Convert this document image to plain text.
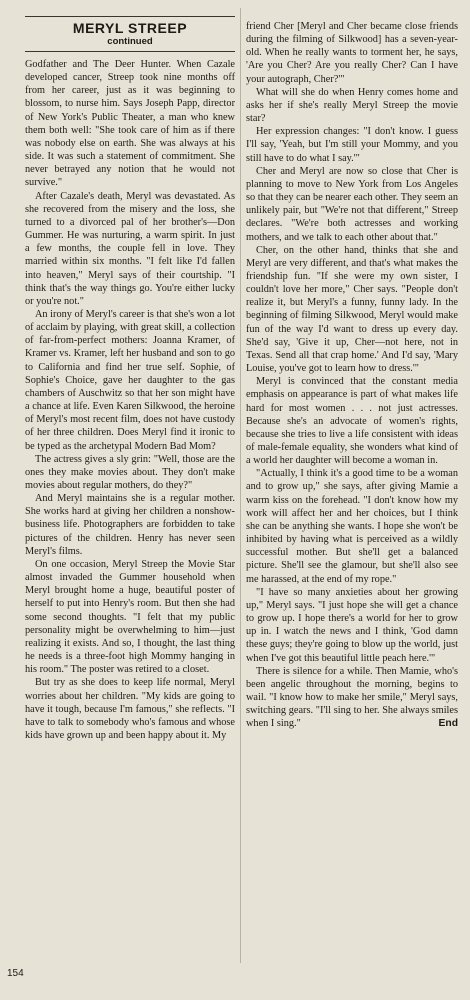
MERYL STREEP
continued

Godfather and The Deer Hunter. When Cazale developed cancer, Streep took nine months off from her career, just as it was beginning to blossom, to nurse him. Says Joseph Papp, director of New York's Public Theater, a man who knew them both well: "She took care of him as if there was nobody else on earth. She was always at his side. It was such a statement of commitment. She never betrayed any notion that he would not survive."

After Cazale's death, Meryl was devastated. As she recovered from the misery and the loss, she turned to a divorced pal of her brother's—Don Gummer. He was nurturing, a warm spirit. In just a few months, the couple fell in love. They married within six months. "I felt like I'd fallen into heaven," Meryl says of their courtship. "I think that's the way things go. You're either lucky or you're not."

An irony of Meryl's career is that she's won a lot of acclaim by playing, with great skill, a collection of far-from-perfect mothers: Joanna Kramer, of Kramer vs. Kramer, left her husband and son to go to California and find her true self. Sophie, of Sophie's Choice, gave her daughter to the gas chambers of Auschwitz so that her son might have a chance at life. Even Karen Silkwood, the heroine of Meryl's most recent film, does not have custody of her three children. Does Meryl find it ironic to be typed as the archetypal Modern Bad Mom?

The actress gives a sly grin: "Well, those are the ones they make movies about. They don't make movies about regular mothers, do they?"

And Meryl maintains she is a regular mother. She works hard at giving her children a nonshow-business life. Photographers are forbidden to take pictures of the children. Henry has never seen Meryl's films.

On one occasion, Meryl Streep the Movie Star almost invaded the Gummer household when Meryl brought home a huge, beautiful poster of herself to put into Henry's room. But then she had some second thoughts. "I felt that my public personality might be overwhelming to him—just realizing it exists. And so, I thought, the last thing he needs is a three-foot high Mommy hanging in his room." The poster was retired to a closet.

But try as she does to keep life normal, Meryl worries about her children. "My kids are going to have it tough, because I'm famous," she reflects. "I have to talk to somebody who's famous and whose kids have grown up and been happy about it. My

friend Cher [Meryl and Cher became close friends during the filming of Silkwood] has a seven-year-old. When he really wants to torment her, he says, 'Are you Cher? Are you really Cher? Can I have your autograph, Cher?'"

What will she do when Henry comes home and asks her if she's really Meryl Streep the movie star?

Her expression changes: "I don't know. I guess I'll say, 'Yeah, but I'm still your Mommy, and you still have to do what I say.'"

Cher and Meryl are now so close that Cher is planning to move to New York from Los Angeles so that they can be nearer each other. They seem an unlikely pair, but "We're not that different," Streep declares. "We're both actresses and working mothers, and we talk to each other about that."

Cher, on the other hand, thinks that she and Meryl are very different, and that's what makes the friendship fun. "If she were my own sister, I couldn't love her more," Cher says. "People don't realize it, but Meryl's a funny, funny lady. In the beginning of filming Silkwood, Meryl would make fun of the way I'd want to dress up every day. She'd say, 'Give it up, Cher—not here, not in Texas. Send all that crap home.' And I'd say, 'Mary Louise, you've got to learn how to dress.'"

Meryl is convinced that the constant media emphasis on appearance is part of what makes life hard for most women . . . not just actresses. Because she's an advocate of women's rights, because she tries to live a life consistent with ideas of male-female equality, she wonders what kind of a world her daughter will become a woman in.

"Actually, I think it's a good time to be a woman and to grow up," she says, after giving Mamie a warm kiss on the forehead. "I don't know how my work will affect her and her choices, but I think she can be anything she wants. I hope she won't be inhibited by having what is perceived as a wildly successful mother. But she'll get a balanced picture. She'll see the glamour, but she'll also see me harassed, at the end of my rope."

"I have so many anxieties about her growing up," Meryl says. "I just hope she will get a chance to grow up. I hope there's a world for her to grow up in. I watch the news and I think, 'God damn these guys; they're going to blow up the world, just when I've got this beautiful little peach here.'"

There is silence for a while. Then Mamie, who's been angelic throughout the morning, begins to wail. "I know how to make her smile," Meryl says, switching gears. "I'll sing to her. She always smiles when I sing."	End

154
